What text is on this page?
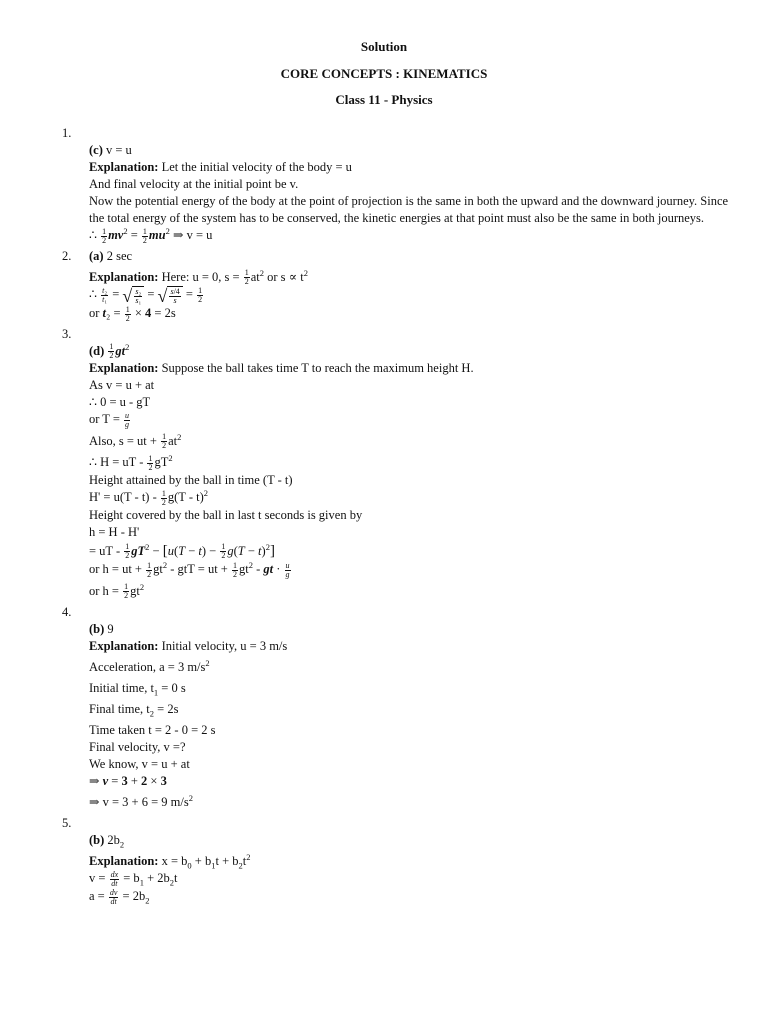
Solution
CORE CONCEPTS : KINEMATICS
Class 11 - Physics
1.

(c) v = u

Explanation: Let the initial velocity of the body = u

And final velocity at the initial point be v.

Now the potential energy of the body at the point of projection is the same in both the upward and the downward journey. Since the total energy of the system has to be conserved, the kinetic energies at that point must also be the same in both journeys.

∴ $\frac{1}{2} mv^2 = \frac{1}{2} mu^2$ ⇒ v = u

2. (a) 2 sec

Explanation: Here: u = 0, $s = \frac{1}{2} at^2$ or $s \propto t^2$

∴ $\frac{\text{t₂}}{\text{t₁}}$ = √ $\frac{\text{s₂}}{\text{s₁}}$ = √ $\frac{s/4}{s} = \frac{1}{2}$

or $t_2 = \frac{1}{2} \times 4 = 2s$

3.

$(d) \frac{1}{2} gt^2$

Explanation: Suppose the ball takes time T to reach the maximum height H.

As v = u + at

∴ 0 = u - gT

or $T = \frac{u}{g}$

Also, s = ut + $\frac{1}{2} at^2$

∴ H = uT - $\frac{1}{2} gT^2$

Height attained by the ball in time (T - t)

$H' = u(T - t) - \frac{1}{2} g(T - t)^2$

Height covered by the ball in last t seconds is given by

h = H - H'

= uT - $\frac{1}{2} gT^2 - [u(T - t) - \frac{1}{2} g(T - t)^2]$

or h = ut + $\frac{1}{2} gt^2$ - gtT = ut + $\frac{1}{2} gt^2$ - gt · $\frac{u}{g}$

or $h = \frac{1}{2} gt^2$

4.

(b) 9

Explanation: Initial velocity, u = 3 m/s

Acceleration, a = 3 $m/s^2$

Initial time, $t_1 = 0$ s

Final time, $t_2 = 2s$

Time taken t = 2 - 0 = 2 s

Final velocity, v =?

We know, v = u + at

⇒ v = 3 + 2 × 3

⇒ v = 3 + 6 = 9 $m/s^2$

5.

(b) $2b_2$

Explanation: $x = b_0 + b_1t + b_2t^2$

$v = \frac{dx}{dt} = b_1 + 2b_2t$

$a = \frac{dv}{dt} = 2b_2$
